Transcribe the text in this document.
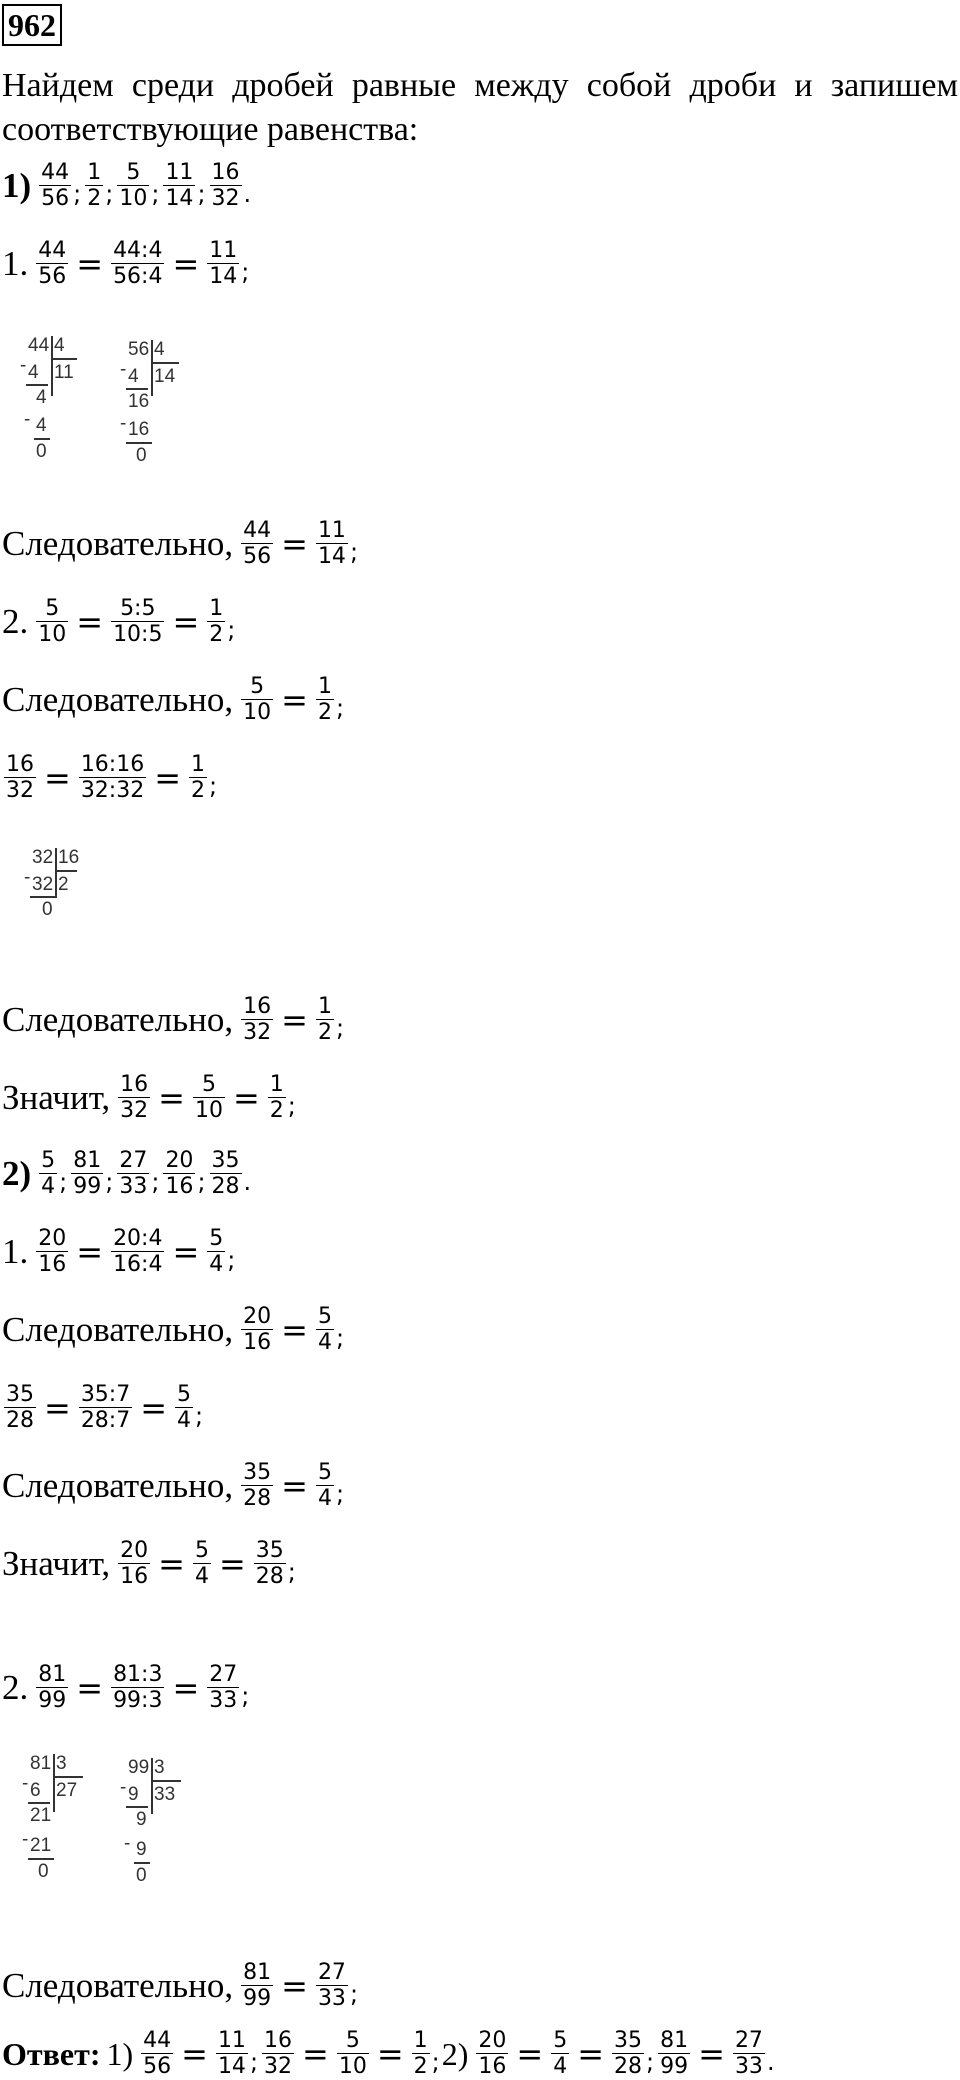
962
Найдем среди дробей равные между собой дроби и запишем соответствующие равенства:
$1) \frac{44}{56}$ ; $\frac{1}{2}$ ; $\frac{5}{10}$ ; $\frac{11}{14}$ ; $\frac{16}{32}$ .
1. $\frac{44}{56} = \frac{44:4}{56:4} = \frac{11}{14}$ ;
44 4
11
- 4
4
- 4
0
56 4
14
- 4
16
- 16
0
Следовательно, $\frac{44}{56} = \frac{11}{14}$ ;
2. $\frac{5}{10} = \frac{5:5}{10:5} = \frac{1}{2}$ ;
Следовательно, $\frac{5}{10} = \frac{1}{2}$ ;
$\frac{16}{32} = \frac{16:16}{32:32} = \frac{1}{2}$ ;
32 16
2
- 32
0
Следовательно, $\frac{16}{32} = \frac{1}{2}$ ;
Значит, $\frac{16}{32} = \frac{5}{10} = \frac{1}{2}$ ;
$2) \frac{5}{4}$ ; $\frac{81}{99}$ ; $\frac{27}{33}$ ; $\frac{20}{16}$ ; $\frac{35}{28}$ .
1. $\frac{20}{16} = \frac{20:4}{16:4} = \frac{5}{4}$ ;
Следовательно, $\frac{20}{16} = \frac{5}{4}$ ;
$\frac{35}{28} = \frac{35:7}{28:7} = \frac{5}{4}$ ;
Следовательно, $\frac{35}{28} = \frac{5}{4}$ ;
Значит, $\frac{20}{16} = \frac{5}{4} = \frac{35}{28}$ ;
2. $\frac{81}{99} = \frac{81:3}{99:3} = \frac{27}{33}$ ;
81 3
27
- 6
21
- 21
0
99 3
33
- 9
9
- 9
0
Следовательно, $\frac{81}{99} = \frac{27}{33}$ ;
Ответ: $1) \frac{44}{56} = \frac{11}{14}$ ; $\frac{16}{32} = \frac{5}{10} = \frac{1}{2}$ ; $2) \frac{20}{16} = \frac{5}{4} = \frac{35}{28}$ ; $\frac{81}{99} = \frac{27}{33}$ .
